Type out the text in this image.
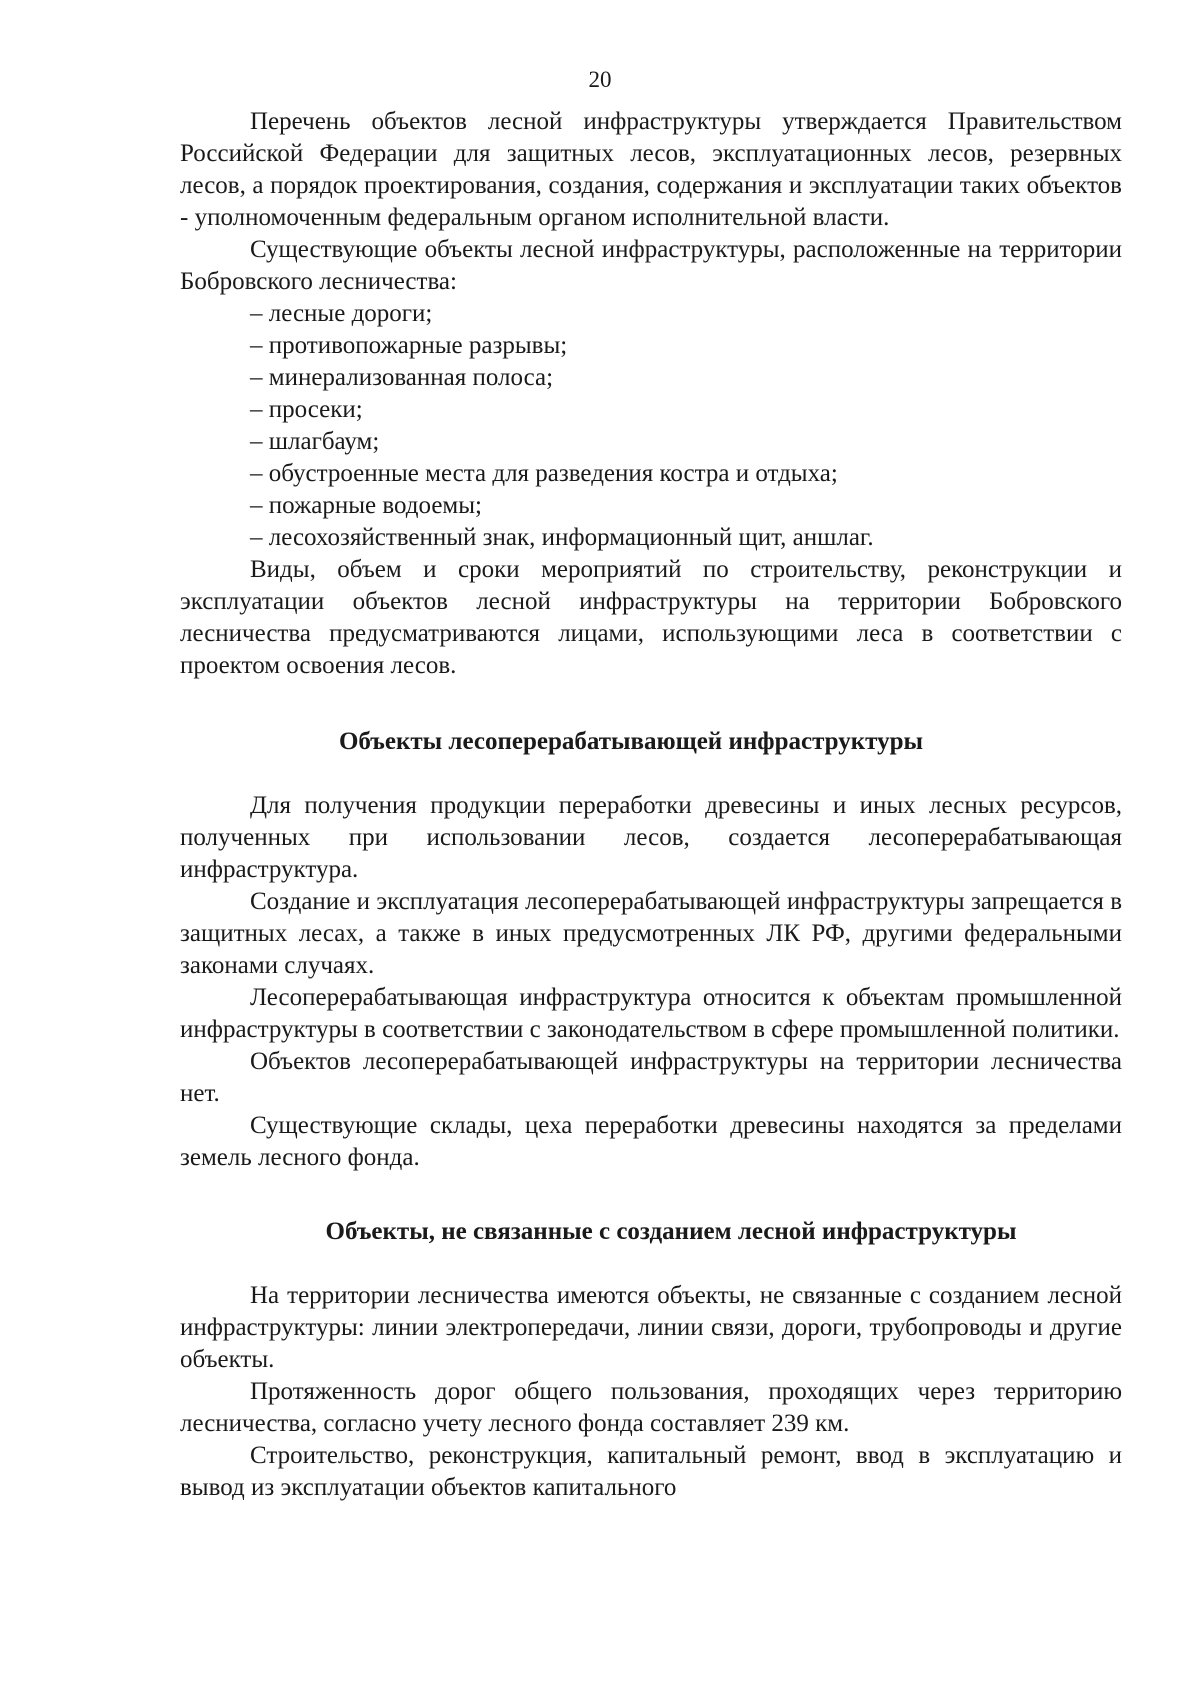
20

Перечень объектов лесной инфраструктуры утверждается Правительством Российской Федерации для защитных лесов, эксплуатационных лесов, резервных лесов, а порядок проектирования, создания, содержания и эксплуатации таких объектов - уполномоченным федеральным органом исполнительной власти.

Существующие объекты лесной инфраструктуры, расположенные на территории Бобровского лесничества:

– лесные дороги;
– противопожарные разрывы;
– минерализованная полоса;
– просеки;
– шлагбаум;
– обустроенные места для разведения костра и отдыха;
– пожарные водоемы;
– лесохозяйственный знак, информационный щит, аншлаг.

Виды, объем и сроки мероприятий по строительству, реконструкции и эксплуатации объектов лесной инфраструктуры на территории Бобровского лесничества предусматриваются лицами, использующими леса в соответствии с проектом освоения лесов.

Объекты лесоперерабатывающей инфраструктуры

Для получения продукции переработки древесины и иных лесных ресурсов, полученных при использовании лесов, создается лесоперерабатывающая инфраструктура.

Создание и эксплуатация лесоперерабатывающей инфраструктуры запрещается в защитных лесах, а также в иных предусмотренных ЛК РФ, другими федеральными законами случаях.

Лесоперерабатывающая инфраструктура относится к объектам промышленной инфраструктуры в соответствии с законодательством в сфере промышленной политики.

Объектов лесоперерабатывающей инфраструктуры на территории лесничества нет.

Существующие склады, цеха переработки древесины находятся за пределами земель лесного фонда.

Объекты, не связанные с созданием лесной инфраструктуры

На территории лесничества имеются объекты, не связанные с созданием лесной инфраструктуры: линии электропередачи, линии связи, дороги, трубопроводы и другие объекты.

Протяженность дорог общего пользования, проходящих через территорию лесничества, согласно учету лесного фонда составляет 239 км.

Строительство, реконструкция, капитальный ремонт, ввод в эксплуатацию и вывод из эксплуатации объектов капитального
